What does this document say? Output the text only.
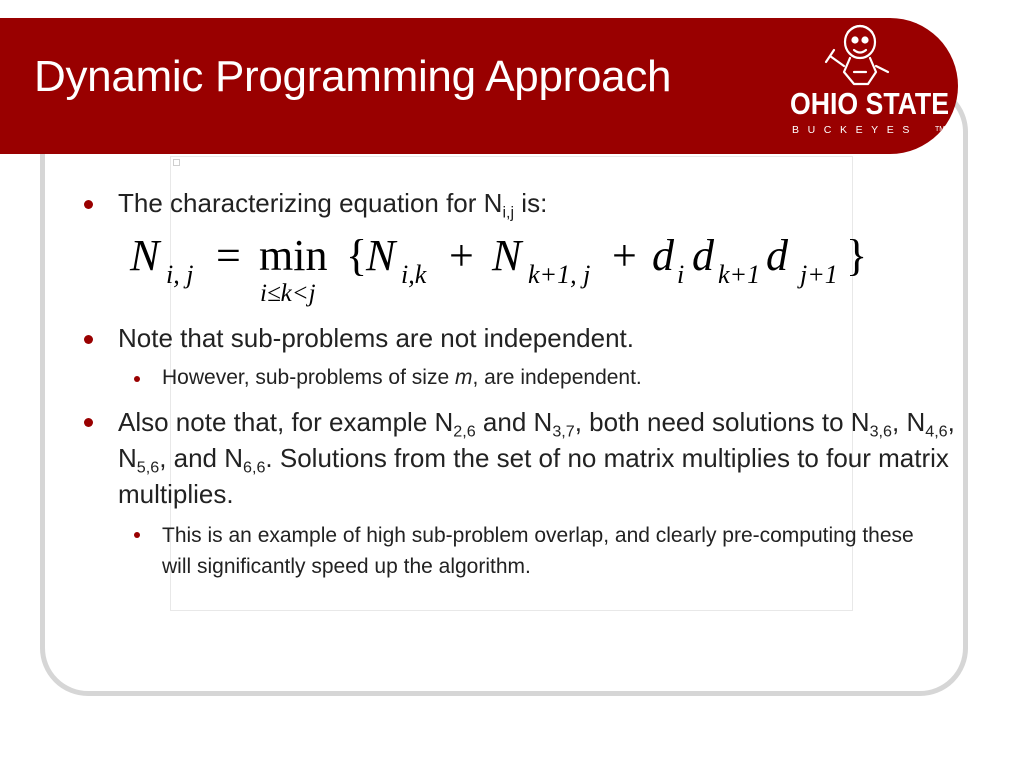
Dynamic Programming Approach
OHIO STATE
BUCKEYES TM
The characterizing equation for $N_{i,j}$ is:
N i, j = min
i≤k<j
{
N i,k + N k+1, j + d i d k+1 d j+1 }
Note that sub-problems are not independent.
However, sub-problems of size m, are independent.
Also note that, for example $N_{2,6}$ and $N_{3,7}$, both need solutions to $N_{3,6}$, $N_{4,6}$, $N_{5,6}$, and $N_{6,6}$. Solutions from the set of no matrix multiplies to four matrix multiplies.
This is an example of high sub-problem overlap, and clearly pre-computing these will significantly speed up the algorithm.
